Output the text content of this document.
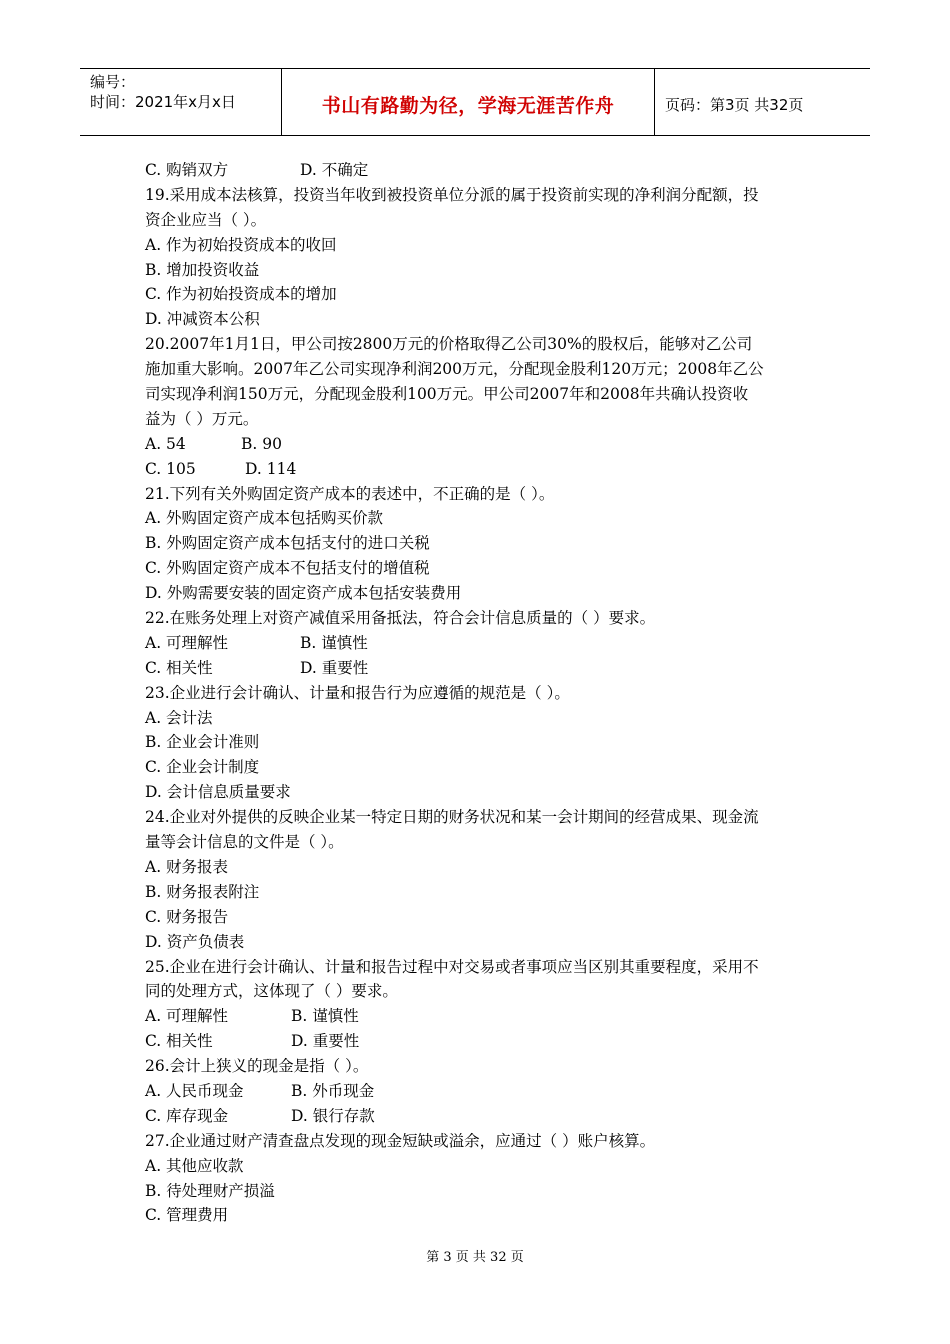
编号：
时间：2021年x月x日	书山有路勤为径，学海无涯苦作舟	页码：第3页 共32页
C. 购销双方	D. 不确定
19.采用成本法核算，投资当年收到被投资单位分派的属于投资前实现的净利润分配额，投
资企业应当（ ）。
A. 作为初始投资成本的收回
B. 增加投资收益
C. 作为初始投资成本的增加
D. 冲减资本公积
20.2007年1月1日，甲公司按2800万元的价格取得乙公司30%的股权后，能够对乙公司
施加重大影响。2007年乙公司实现净利润200万元，分配现金股利120万元；2008年乙公
司实现净利润150万元，分配现金股利100万元。甲公司2007年和2008年共确认投资收
益为（ ）万元。
A. 54	B. 90
C. 105	D. 114
21.下列有关外购固定资产成本的表述中，不正确的是（ ）。
A. 外购固定资产成本包括购买价款
B. 外购固定资产成本包括支付的进口关税
C. 外购固定资产成本不包括支付的增值税
D. 外购需要安装的固定资产成本包括安装费用
22.在账务处理上对资产减值采用备抵法，符合会计信息质量的（ ）要求。
A. 可理解性	B. 谨慎性
C. 相关性	D. 重要性
23.企业进行会计确认、计量和报告行为应遵循的规范是（ ）。
A. 会计法
B. 企业会计准则
C. 企业会计制度
D. 会计信息质量要求
24.企业对外提供的反映企业某一特定日期的财务状况和某一会计期间的经营成果、现金流
量等会计信息的文件是（ ）。
A. 财务报表
B. 财务报表附注
C. 财务报告
D. 资产负债表
25.企业在进行会计确认、计量和报告过程中对交易或者事项应当区别其重要程度，采用不
同的处理方式，这体现了（ ）要求。
A. 可理解性	B. 谨慎性
C. 相关性	D. 重要性
26.会计上狭义的现金是指（ ）。
A. 人民币现金	B. 外币现金
C. 库存现金	D. 银行存款
27.企业通过财产清查盘点发现的现金短缺或溢余，应通过（ ）账户核算。
A. 其他应收款
B. 待处理财产损溢
C. 管理费用
第 3 页 共 32 页
